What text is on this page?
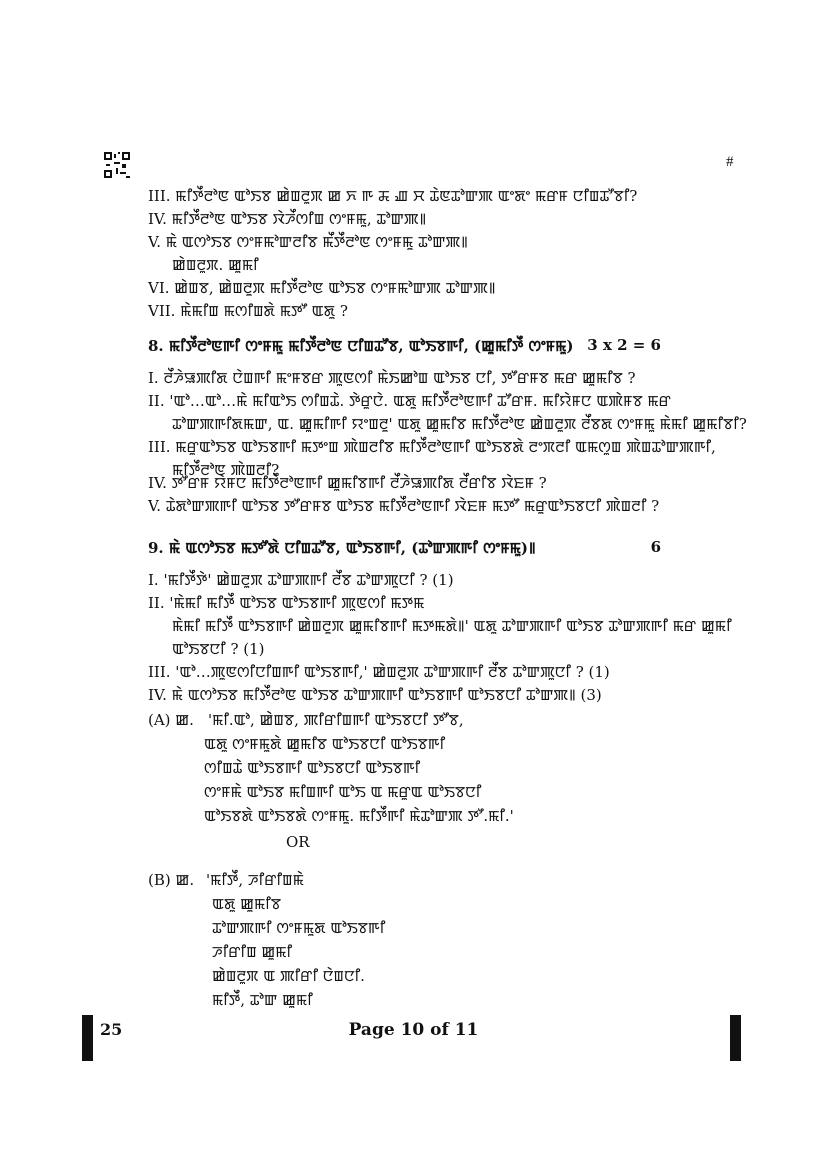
#
III. ꯃꯤꯇꯩꯂꯣꯟ ꯑꯣꯏꯕ ꯀꯥꯡꯂꯨꯞ ꯀ ꯈ ꯒ ꯘ ꯉ ꯆ ꯊꯥꯟꯊꯣꯛꯄ ꯑꯦꯗꯦ ꯃꯔꯝ ꯅꯤꯡꯊꯧꯕꯤ?
IV. ꯃꯤꯇꯩꯂꯣꯟ ꯑꯣꯏꯕ ꯋꯥꯍꯩꯁꯤꯡ ꯁꯦꯝꯃꯨ, ꯊꯣꯛꯄ꯫
V. ꯃꯥ ꯑꯁꯣꯏꯕ ꯁꯦꯝꯃꯣꯛꯂꯤꯕ ꯃꯩꯇꯩꯂꯣꯟ ꯁꯦꯝꯃꯨ ꯊꯣꯛꯄ꯫
ꯀꯥꯡꯂꯨꯞ. ꯀꯨꯃꯤ
VI. ꯀꯥꯡꯕ, ꯀꯥꯡꯂꯨꯞ ꯃꯤꯇꯩꯂꯣꯟ ꯑꯣꯏꯕ ꯁꯦꯝꯃꯣꯛꯄ ꯊꯣꯛꯄ꯫
VII. ꯃꯥꯃꯤꯡ ꯃꯁꯤꯡꯗꯥ ꯃꯇꯧ ꯑꯗꯨ ?
8. ꯃꯤꯇꯩꯂꯣꯟꯒꯤ ꯁꯦꯝꯃꯨ ꯃꯤꯇꯩꯂꯣꯟ ꯅꯤꯡꯊꯧꯕ, ꯑꯣꯏꯕꯒꯤ, (ꯀꯨꯃꯤꯇꯩ ꯁꯦꯝꯃꯨ) 3 x 2 = 6
I. ꯂꯩꯍꯥꯎꯄꯤꯗ ꯅꯥꯡꯒꯤ ꯃꯦꯝꯕꯔ ꯄꯨꯟꯁꯤ ꯃꯥꯏꯀꯣꯡ ꯑꯣꯏꯕ ꯅꯤ, ꯇꯧꯔꯝꯕ ꯃꯔ ꯀꯨꯃꯤꯕ ?
II. 'ꯑꯣ…ꯑꯣ…ꯃꯥ ꯃꯤꯑꯣꯏ ꯁꯤꯡꯊꯥ. ꯇꯥꯔꯨꯅꯥ. ꯑꯗꯨ ꯃꯤꯇꯩꯂꯣꯟꯒꯤ ꯊꯧꯔꯝ. ꯃꯤꯌꯥꯝꯅ ꯑꯄꯥꯝꯕ ꯃꯔ
ꯊꯣꯛꯄꯒꯤꯗꯃꯛ, ꯑ. ꯀꯨꯃꯤꯒꯤ ꯌꯦꯡꯂꯨ' ꯑꯗꯨ ꯀꯨꯃꯤꯕ ꯃꯤꯇꯩꯂꯣꯟ ꯀꯥꯡꯂꯨꯞ ꯂꯩꯕꯗ ꯁꯦꯝꯃꯨ ꯃꯥꯃꯤ ꯀꯨꯃꯤꯕꯤ?
III. ꯃꯔꯨꯑꯣꯏꯕ ꯑꯣꯏꯕꯒꯤ ꯃꯇꯦꯡ ꯄꯥꯡꯂꯤꯕ ꯃꯤꯇꯩꯂꯣꯟꯒꯤ ꯑꯣꯏꯕꯗꯥ ꯂꯦꯞꯂꯤ ꯑꯃꯁꯨꯡ ꯄꯥꯡꯊꯣꯛꯄꯒꯤ,
ꯃꯤꯇꯩꯂꯣꯟ ꯄꯥꯡꯂꯤ?
IV. ꯇꯧꯔꯝ ꯌꯥꯝꯅ ꯃꯤꯇꯩꯂꯣꯟꯒꯤ ꯀꯨꯃꯤꯕꯒꯤ ꯂꯩꯍꯥꯎꯄꯤꯗ ꯂꯩꯔꯤꯕ ꯋꯥꯐꯝ ?
V. ꯊꯥꯗꯣꯛꯄꯒꯤ ꯑꯣꯏꯕ ꯇꯧꯔꯝꯕ ꯑꯣꯏꯕ ꯃꯤꯇꯩꯂꯣꯟꯒꯤ ꯋꯥꯐꯝ ꯃꯇꯧ ꯃꯔꯨꯑꯣꯏꯕꯅꯤ ꯄꯥꯡꯂꯤ ?
9. ꯃꯥ ꯑꯁꯣꯏꯕ ꯃꯇꯧꯗꯥ ꯅꯤꯡꯊꯧꯕ, ꯑꯣꯏꯕꯒꯤ, (ꯊꯣꯛꯄꯒꯤ ꯁꯦꯝꯃꯨ)꯫	6
I. 'ꯃꯤꯇꯩꯇꯥ' ꯀꯥꯡꯂꯨꯞ ꯊꯣꯛꯄꯒꯤ ꯂꯩꯕ ꯊꯣꯛꯄꯨꯅꯤ ? (1)
II. 'ꯃꯥꯃꯤ ꯃꯤꯇꯩ ꯑꯣꯏꯕ ꯑꯣꯏꯕꯒꯤ ꯄꯨꯟꯁꯤ ꯃꯇꯃ
ꯃꯥꯃꯤ ꯃꯤꯇꯩ ꯑꯣꯏꯕꯒꯤ ꯀꯥꯡꯂꯨꯞ ꯀꯨꯃꯤꯕꯒꯤ ꯃꯇꯃꯗꯥ꯫' ꯑꯗꯨ ꯊꯣꯛꯄꯒꯤ ꯑꯣꯏꯕ ꯊꯣꯛꯄꯒꯤ ꯃꯔ ꯀꯨꯃꯤ
ꯑꯣꯏꯕꯅꯤ ? (1)
III. 'ꯑꯣ…ꯄꯨꯟꯁꯤꯅꯤꯡꯒꯤ ꯑꯣꯏꯕꯒꯤ,' ꯀꯥꯡꯂꯨꯞ ꯊꯣꯛꯄꯒꯤ ꯂꯩꯕ ꯊꯣꯛꯄꯨꯅꯤ ? (1)
IV. ꯃꯥ ꯑꯁꯣꯏꯕ ꯃꯤꯇꯩꯂꯣꯟ ꯑꯣꯏꯕ ꯊꯣꯛꯄꯒꯤ ꯑꯣꯏꯕꯒꯤ ꯑꯣꯏꯕꯅꯤ ꯊꯣꯛꯄ꯫ (3)
(A) ꯀ. 'ꯃꯤ.ꯑꯣ, ꯀꯥꯡꯕ, ꯄꯤꯔꯤꯡꯒꯤ ꯑꯣꯏꯕꯅꯤ ꯇꯧꯕ,
ꯑꯗꯨ ꯁꯦꯝꯃꯨꯗꯥ ꯀꯨꯃꯤꯕ ꯑꯣꯏꯕꯅꯤ ꯑꯣꯏꯕꯒꯤ
ꯁꯤꯡꯊꯥ ꯑꯣꯏꯕꯒꯤ ꯑꯣꯏꯕꯅꯤ ꯑꯣꯏꯕꯒꯤ
ꯁꯦꯝꯃꯥ ꯑꯣꯏꯕ ꯃꯤꯡꯒꯤ ꯑꯣꯏ ꯑ ꯃꯔꯨꯑ ꯑꯣꯏꯕꯅꯤ
ꯑꯣꯏꯕꯗꯥ ꯑꯣꯏꯕꯗꯥ ꯁꯦꯝꯃꯨ. ꯃꯤꯇꯩꯒꯤ ꯃꯥꯊꯣꯛꯄ ꯇꯧ.ꯃꯤ.'
OR
(B) ꯀ. 'ꯃꯤꯇꯩ, ꯍꯤꯔꯤꯡꯃꯥ
ꯑꯗꯨ ꯀꯨꯃꯤꯕ
ꯊꯣꯛꯄꯒꯤ ꯁꯦꯝꯃꯨꯗ ꯑꯣꯏꯕꯒꯤ
ꯍꯤꯔꯤꯡ ꯀꯨꯃꯤ
ꯀꯥꯡꯂꯨꯞ ꯑ ꯄꯤꯔꯤ ꯅꯥꯡꯅꯤ.
ꯃꯤꯇꯩ, ꯊꯣꯛ ꯀꯨꯃꯤ
25	Page 10 of 11
